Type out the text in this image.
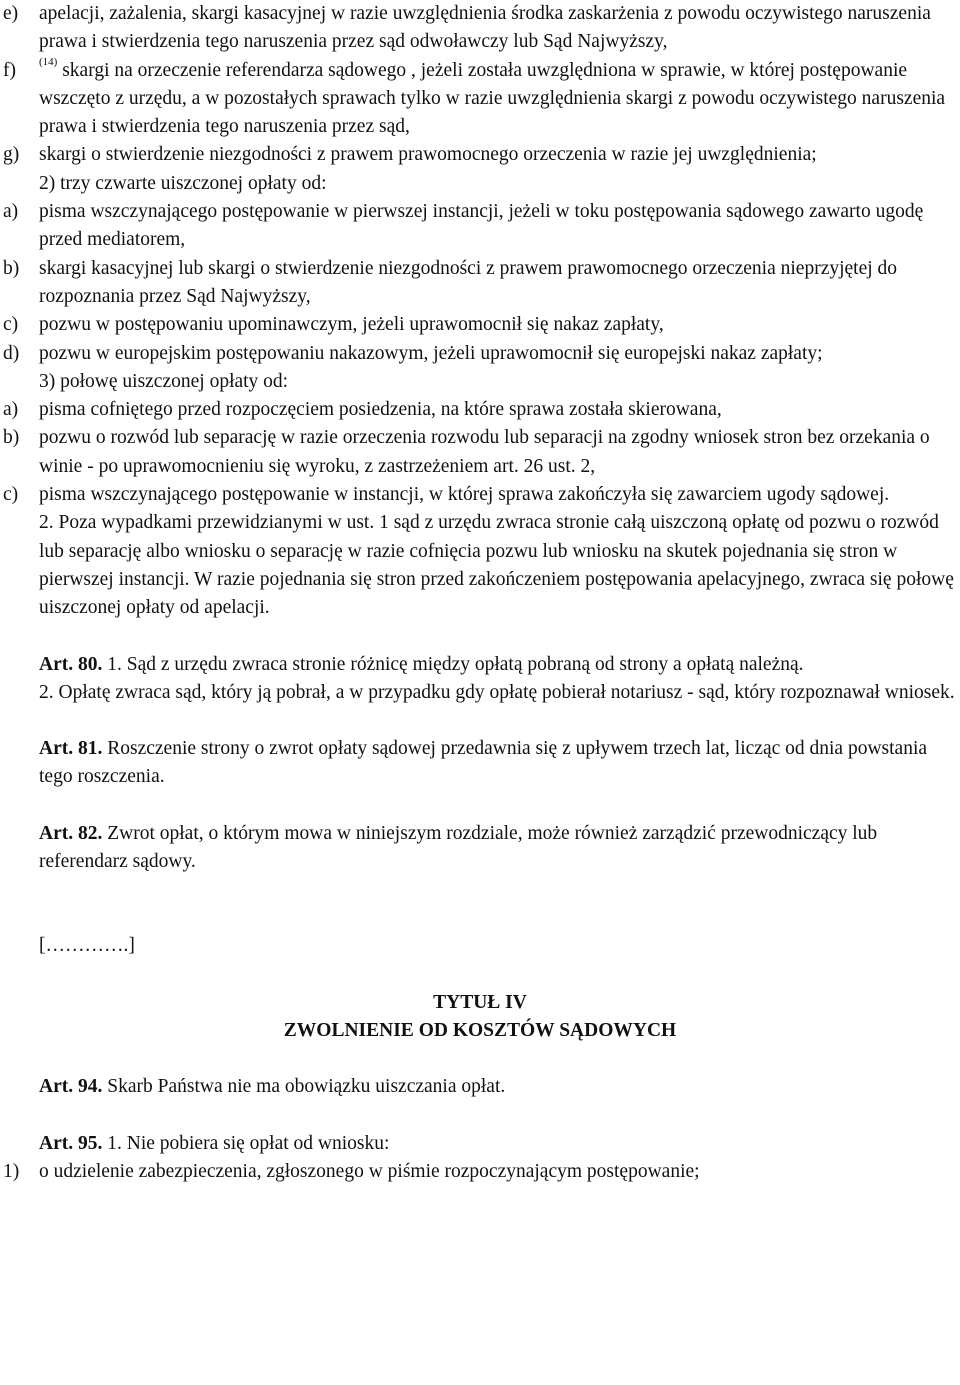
e) apelacji, zażalenia, skargi kasacyjnej w razie uwzględnienia środka zaskarżenia z powodu oczywistego naruszenia prawa i stwierdzenia tego naruszenia przez sąd odwoławczy lub Sąd Najwyższy,

f) $^{(14)}$ skargi na orzeczenie referendarza sądowego , jeżeli została uwzględniona w sprawie, w której postępowanie wszczęto z urzędu, a w pozostałych sprawach tylko w razie uwzględnienia skargi z powodu oczywistego naruszenia prawa i stwierdzenia tego naruszenia przez sąd,

g) skargi o stwierdzenie niezgodności z prawem prawomocnego orzeczenia w razie jej uwzględnienia;

2) trzy czwarte uiszczonej opłaty od:

a) pisma wszczynającego postępowanie w pierwszej instancji, jeżeli w toku postępowania sądowego zawarto ugodę przed mediatorem,

b) skargi kasacyjnej lub skargi o stwierdzenie niezgodności z prawem prawomocnego orzeczenia nieprzyjętej do rozpoznania przez Sąd Najwyższy,

c) pozwu w postępowaniu upominawczym, jeżeli uprawomocnił się nakaz zapłaty,

d) pozwu w europejskim postępowaniu nakazowym, jeżeli uprawomocnił się europejski nakaz zapłaty;

3) połowę uiszczonej opłaty od:

a) pisma cofniętego przed rozpoczęciem posiedzenia, na które sprawa została skierowana,

b) pozwu o rozwód lub separację w razie orzeczenia rozwodu lub separacji na zgodny wniosek stron bez orzekania o winie - po uprawomocnieniu się wyroku, z zastrzeżeniem art. 26 ust. 2,

c) pisma wszczynającego postępowanie w instancji, w której sprawa zakończyła się zawarciem ugody sądowej.

2. Poza wypadkami przewidzianymi w ust. 1 sąd z urzędu zwraca stronie całą uiszczoną opłatę od pozwu o rozwód lub separację albo wniosku o separację w razie cofnięcia pozwu lub wniosku na skutek pojednania się stron w pierwszej instancji. W razie pojednania się stron przed zakończeniem postępowania apelacyjnego, zwraca się połowę uiszczonej opłaty od apelacji.

Art. 80. 1. Sąd z urzędu zwraca stronie różnicę między opłatą pobraną od strony a opłatą należną.

2. Opłatę zwraca sąd, który ją pobrał, a w przypadku gdy opłatę pobierał notariusz - sąd, który rozpoznawał wniosek.

Art. 81. Roszczenie strony o zwrot opłaty sądowej przedawnia się z upływem trzech lat, licząc od dnia powstania tego roszczenia.

Art. 82. Zwrot opłat, o którym mowa w niniejszym rozdziale, może również zarządzić przewodniczący lub referendarz sądowy.

[………….]

TYTUŁ IV

ZWOLNIENIE OD KOSZTÓW SĄDOWYCH

Art. 94. Skarb Państwa nie ma obowiązku uiszczania opłat.

Art. 95. 1. Nie pobiera się opłat od wniosku:

1) o udzielenie zabezpieczenia, zgłoszonego w piśmie rozpoczynającym postępowanie;
